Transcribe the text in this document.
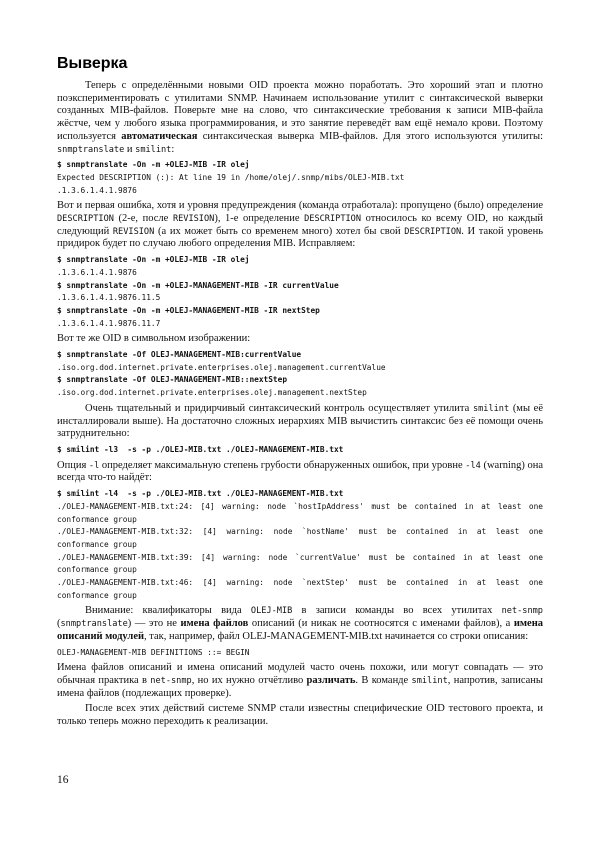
Выверка

Теперь с определёнными новыми OID проекта можно поработать. Это хороший этап и плотно поэкспериментировать с утилитами SNMP. Начинаем использование утилит с синтаксической выверки созданных MIB-файлов. Поверьте мне на слово, что синтаксические требования к записи MIB-файла жёстче, чем у любого языка программирования, и это занятие переведёт вам ещё немало крови. Поэтому используется автоматическая синтаксическая выверка MIB-файлов. Для этого используются утилиты: snmptranslate и smilint:

$ snmptranslate -On -m +OLEJ-MIB -IR olej
Expected DESCRIPTION (:): At line 19 in /home/olej/.snmp/mibs/OLEJ-MIB.txt
.1.3.6.1.4.1.9876

Вот и первая ошибка, хотя и уровня предупреждения (команда отработала): пропущено (было) определение DESCRIPTION (2-е, после REVISION), 1-е определение DESCRIPTION относилось ко всему OID, но каждый следующий REVISION (а их может быть со временем много) хотел бы свой DESCRIPTION. И такой уровень придирок будет по случаю любого определения MIB. Исправляем:

$ snmptranslate -On -m +OLEJ-MIB -IR olej
.1.3.6.1.4.1.9876
$ snmptranslate -On -m +OLEJ-MANAGEMENT-MIB -IR currentValue
.1.3.6.1.4.1.9876.11.5
$ snmptranslate -On -m +OLEJ-MANAGEMENT-MIB -IR nextStep
.1.3.6.1.4.1.9876.11.7

Вот те же OID в символьном изображении:

$ snmptranslate -Of OLEJ-MANAGEMENT-MIB:currentValue
.iso.org.dod.internet.private.enterprises.olej.management.currentValue
$ snmptranslate -Of OLEJ-MANAGEMENT-MIB::nextStep
.iso.org.dod.internet.private.enterprises.olej.management.nextStep

Очень тщательный и придирчивый синтаксический контроль осуществляет утилита smilint (мы её инсталлировали выше). На достаточно сложных иерархиях MIB вычистить синтаксис без её помощи очень затруднительно:

$ smilint -l3  -s -p ./OLEJ-MIB.txt ./OLEJ-MANAGEMENT-MIB.txt

Опция -l определяет максимальную степень грубости обнаруженных ошибок, при уровне -l4 (warning) она всегда что-то найдёт:

$ smilint -l4  -s -p ./OLEJ-MIB.txt ./OLEJ-MANAGEMENT-MIB.txt
./OLEJ-MANAGEMENT-MIB.txt:24: [4] warning: node `hostIpAddress' must be contained in at least one conformance group
./OLEJ-MANAGEMENT-MIB.txt:32: [4] warning: node `hostName' must be contained in at least one conformance group
./OLEJ-MANAGEMENT-MIB.txt:39: [4] warning: node `currentValue' must be contained in at least one conformance group
./OLEJ-MANAGEMENT-MIB.txt:46: [4] warning: node `nextStep' must be contained in at least one conformance group

Внимание: квалификаторы вида OLEJ-MIB в записи команды во всех утилитах net-snmp (snmptranslate) — это не имена файлов описаний (и никак не соотносятся с именами файлов), а имена описаний модулей, так, например, файл OLEJ-MANAGEMENT-MIB.txt начинается со строки описания:

OLEJ-MANAGEMENT-MIB DEFINITIONS ::= BEGIN

Имена файлов описаний и имена описаний модулей часто очень похожи, или могут совпадать — это обычная практика в net-snmp, но их нужно отчётливо различать. В команде smilint, напротив, записаны имена файлов (подлежащих проверке).

После всех этих действий системе SNMP стали известны специфические OID тестового проекта, и только теперь можно переходить к реализации.

16
